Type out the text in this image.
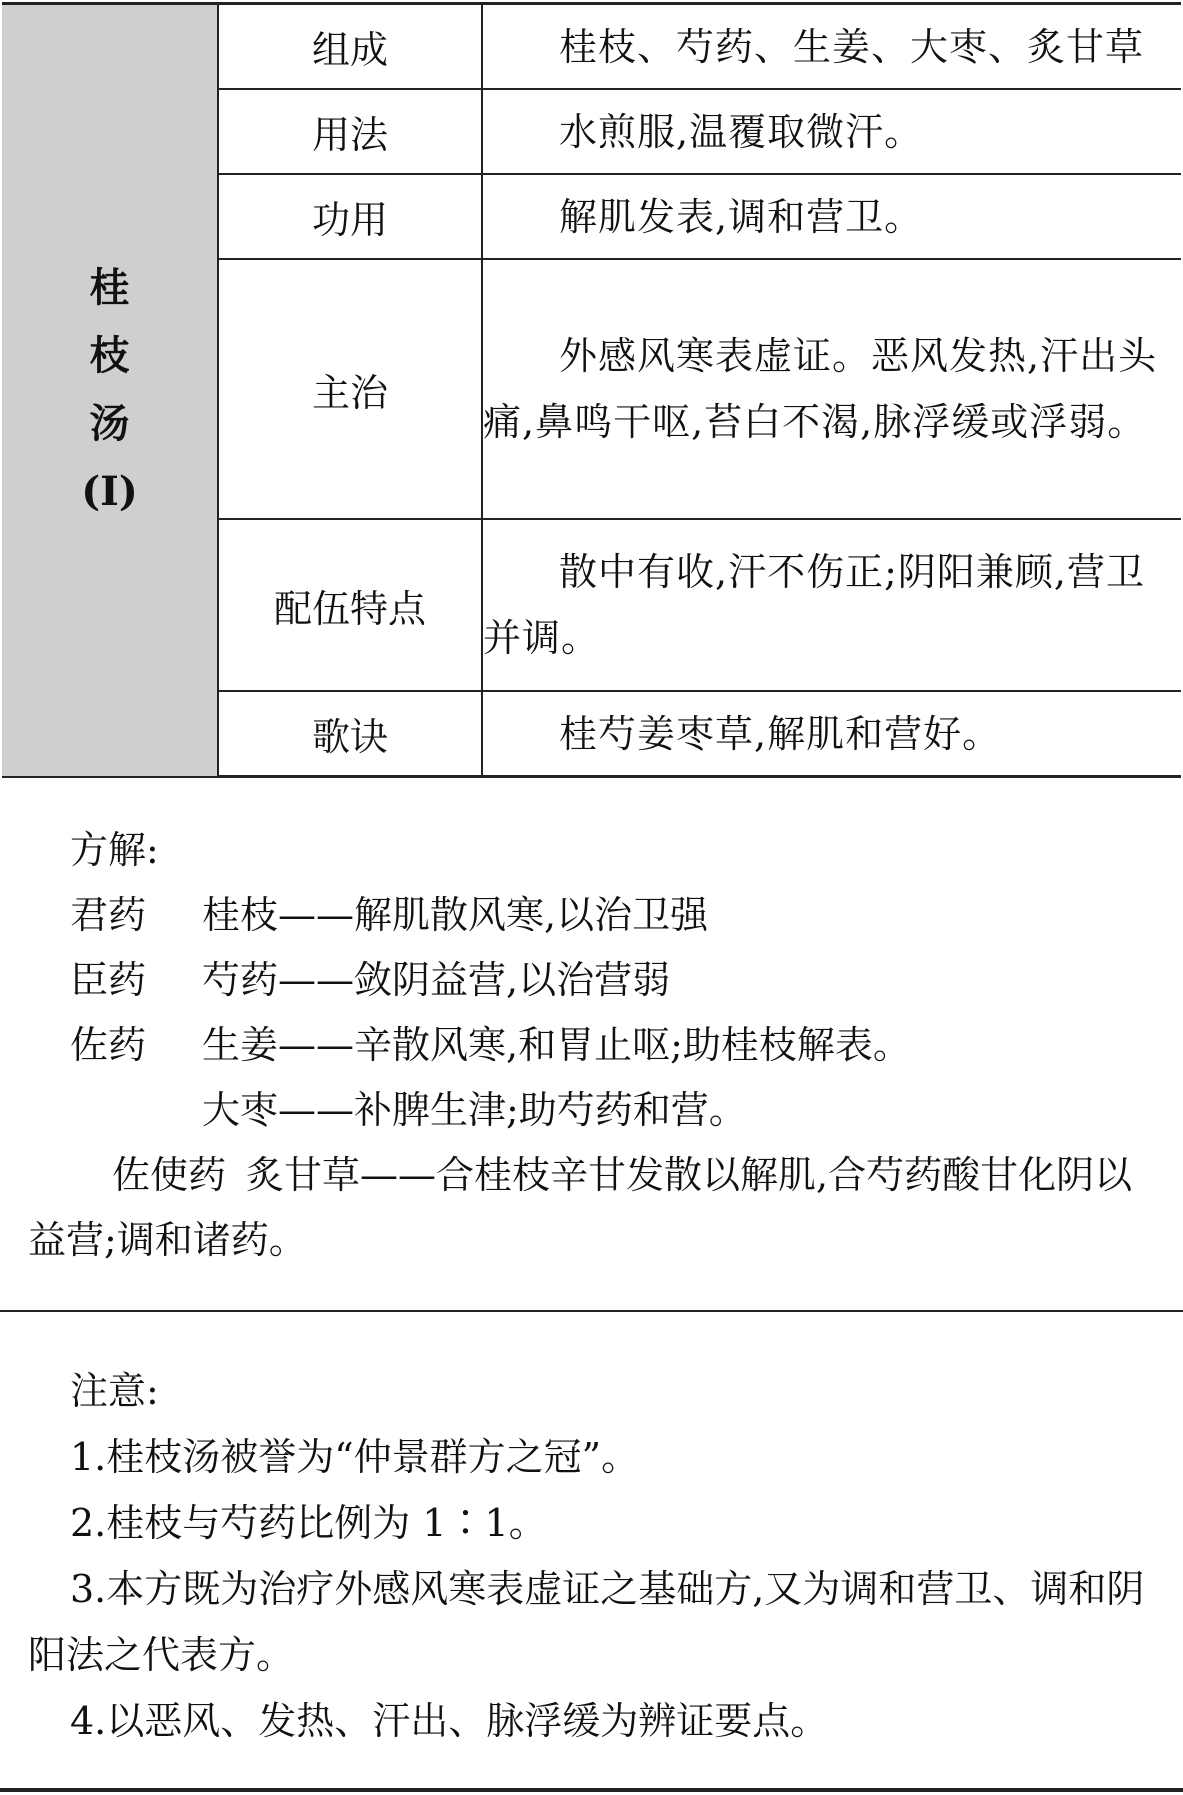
桂
枝
汤
(Ⅰ)	组成	桂枝、芍药、生姜、大枣、炙甘草

	用法	水煎服,温覆取微汗。

	功用	解肌发表,调和营卫。

	主治	外感风寒表虚证。恶风发热,汗出头痛,鼻鸣干呕,苔白不渴,脉浮缓或浮弱。

	配伍特点	散中有收,汗不伤正;阴阳兼顾,营卫并调。

	歌诀	桂芍姜枣草,解肌和营好。
方解:
君药 桂枝——解肌散风寒,以治卫强
臣药 芍药——敛阴益营,以治营弱
佐药 生姜——辛散风寒,和胃止呕;助桂枝解表。
大枣——补脾生津;助芍药和营。
佐使药 炙甘草——合桂枝辛甘发散以解肌,合芍药酸甘化阴以益营;调和诸药。
注意:
1.桂枝汤被誉为“仲景群方之冠”。
2.桂枝与芍药比例为 1∶1。
3.本方既为治疗外感风寒表虚证之基础方,又为调和营卫、调和阴阳法之代表方。
4.以恶风、发热、汗出、脉浮缓为辨证要点。
